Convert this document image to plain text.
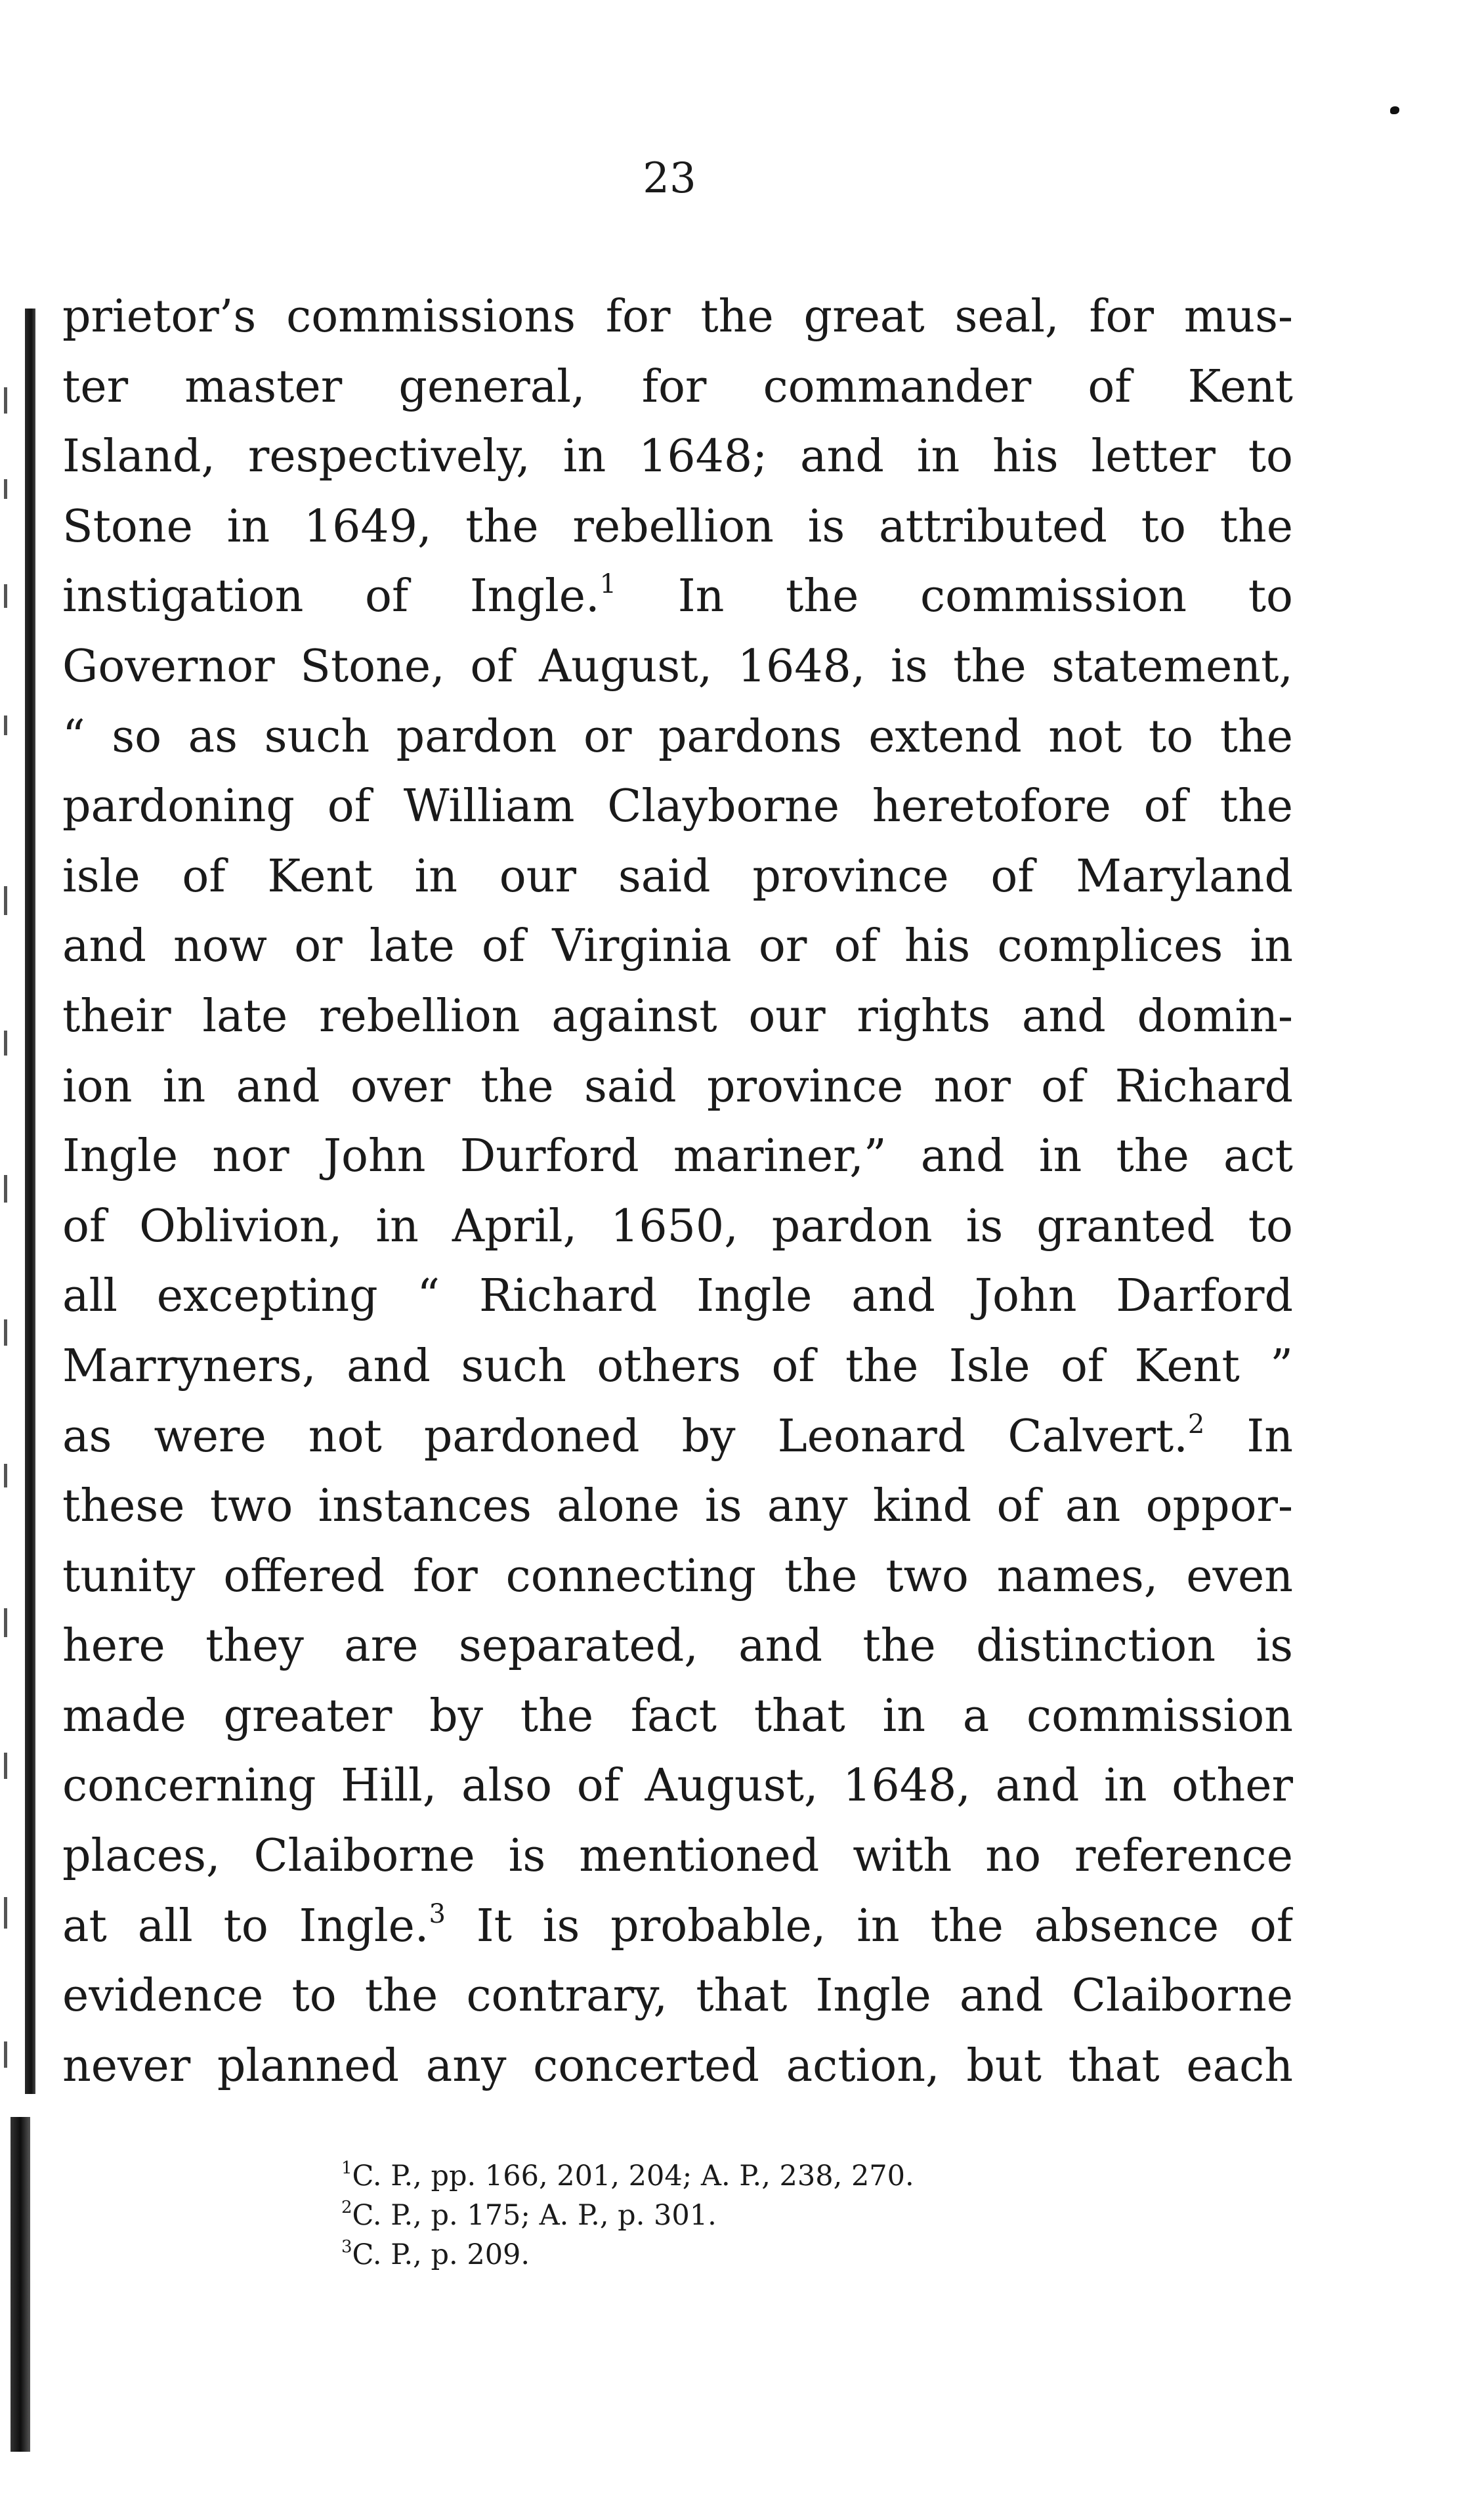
23
prietor’s commissions for the great seal, for mus-
ter master general, for commander of Kent
Island, respectively, in 1648; and in his letter to
Stone in 1649, the rebellion is attributed to the
instigation of Ingle.$^1$ In the commission to
Governor Stone, of August, 1648, is the statement,
“ so as such pardon or pardons extend not to the
pardoning of William Clayborne heretofore of the
isle of Kent in our said province of Maryland
and now or late of Virginia or of his complices in
their late rebellion against our rights and domin-
ion in and over the said province nor of Richard
Ingle nor John Durford mariner,” and in the act
of Oblivion, in April, 1650, pardon is granted to
all excepting “ Richard Ingle and John Darford
Marryners, and such others of the Isle of Kent ”
as were not pardoned by Leonard Calvert.$^2$ In
these two instances alone is any kind of an oppor-
tunity offered for connecting the two names, even
here they are separated, and the distinction is
made greater by the fact that in a commission
concerning Hill, also of August, 1648, and in other
places, Claiborne is mentioned with no reference
at all to Ingle.$^3$ It is probable, in the absence of
evidence to the contrary, that Ingle and Claiborne
never planned any concerted action, but that each
$^1$C. P., pp. 166, 201, 204; A. P., 238, 270.
$^2$C. P., p. 175; A. P., p. 301.
$^3$C. P., p. 209.
